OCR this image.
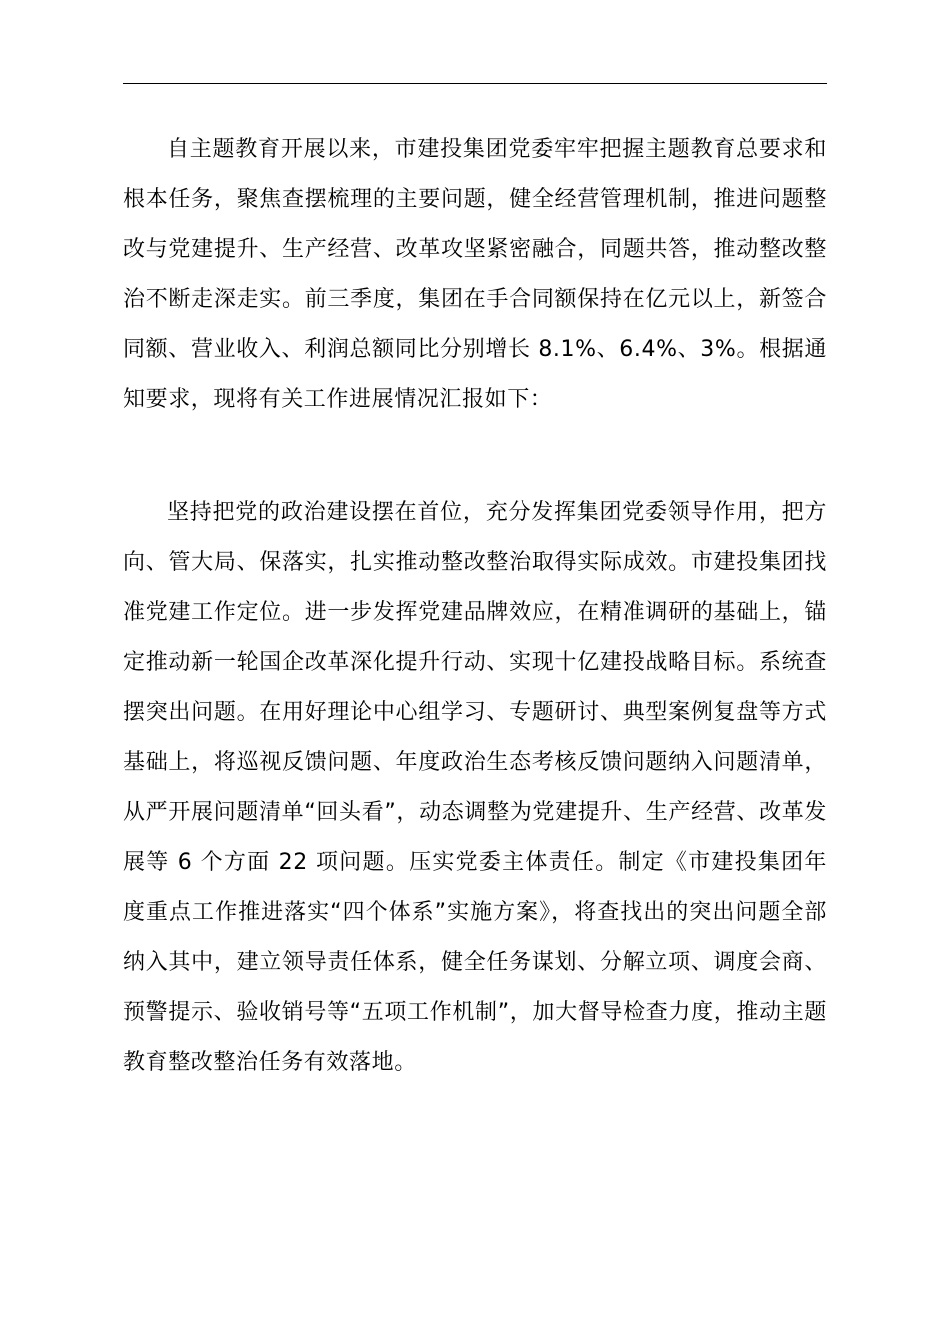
自主题教育开展以来，市建投集团党委牢牢把握主题教育总要求和根本任务，聚焦查摆梳理的主要问题，健全经营管理机制，推进问题整改与党建提升、生产经营、改革攻坚紧密融合，同题共答，推动整改整治不断走深走实。前三季度，集团在手合同额保持在亿元以上，新签合同额、营业收入、利润总额同比分别增长 8.1%、6.4%、3%。根据通知要求，现将有关工作进展情况汇报如下：

坚持把党的政治建设摆在首位，充分发挥集团党委领导作用，把方向、管大局、保落实，扎实推动整改整治取得实际成效。市建投集团找准党建工作定位。进一步发挥党建品牌效应，在精准调研的基础上，锚定推动新一轮国企改革深化提升行动、实现十亿建投战略目标。系统查摆突出问题。在用好理论中心组学习、专题研讨、典型案例复盘等方式基础上，将巡视反馈问题、年度政治生态考核反馈问题纳入问题清单，从严开展问题清单“回头看”，动态调整为党建提升、生产经营、改革发展等 6 个方面 22 项问题。压实党委主体责任。制定《市建投集团年度重点工作推进落实“四个体系”实施方案》，将查找出的突出问题全部纳入其中，建立领导责任体系，健全任务谋划、分解立项、调度会商、预警提示、验收销号等“五项工作机制”，加大督导检查力度，推动主题教育整改整治任务有效落地。
